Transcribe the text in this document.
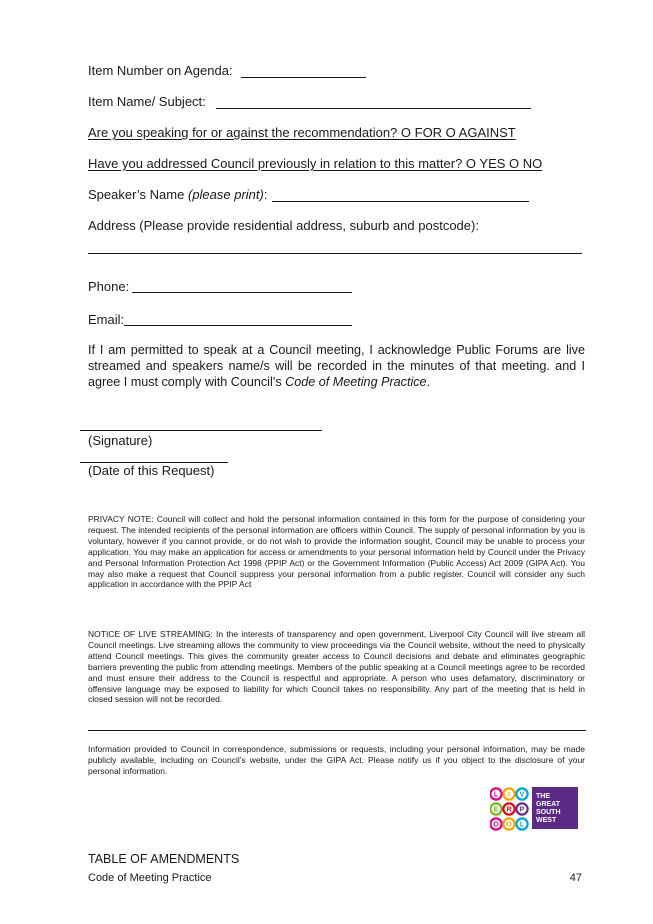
Item Number on Agenda:
Item Name/ Subject:
Are you speaking for or against the recommendation? O FOR O AGAINST
Have you addressed Council previously in relation to this matter? O YES O NO
Speaker’s Name (please print):
Address (Please provide residential address, suburb and postcode):
Phone:
Email:
If I am permitted to speak at a Council meeting, I acknowledge Public Forums are live streamed and speakers name/s will be recorded in the minutes of that meeting. and I agree I must comply with Council’s Code of Meeting Practice.
(Signature)
(Date of this Request)
PRIVACY NOTE: Council will collect and hold the personal information contained in this form for the purpose of considering your request. The intended recipients of the personal information are officers within Council. The supply of personal information by you is voluntary, however if you cannot provide, or do not wish to provide the information sought, Council may be unable to process your application. You may make an application for access or amendments to your personal information held by Council under the Privacy and Personal Information Protection Act 1998 (PPIP Act) or the Government Information (Public Access) Act 2009 (GIPA Act). You may also make a request that Council suppress your personal information from a public register. Council will consider any such application in accordance with the PPIP Act
NOTICE OF LIVE STREAMING: In the interests of transparency and open government, Liverpool City Council will live stream all Council meetings. Live streaming allows the community to view proceedings via the Council website, without the need to physically attend Council meetings. This gives the community greater access to Council decisions and debate and eliminates geographic barriers preventing the public from attending meetings. Members of the public speaking at a Council meetings agree to be recorded and must ensure their address to the Council is respectful and appropriate. A person who uses defamatory, discriminatory or offensive language may be exposed to liability for which Council takes no responsibility. Any part of the meeting that is held in closed session will not be recorded.
Information provided to Council in correspondence, submissions or requests, including your personal information, may be made publicly available, including on Council’s website, under the GIPA Act. Please notify us if you object to the disclosure of your personal information.
L I V
E R P
O O L
THE
GREAT
SOUTH
WEST
TABLE OF AMENDMENTS
Code of Meeting Practice	47
